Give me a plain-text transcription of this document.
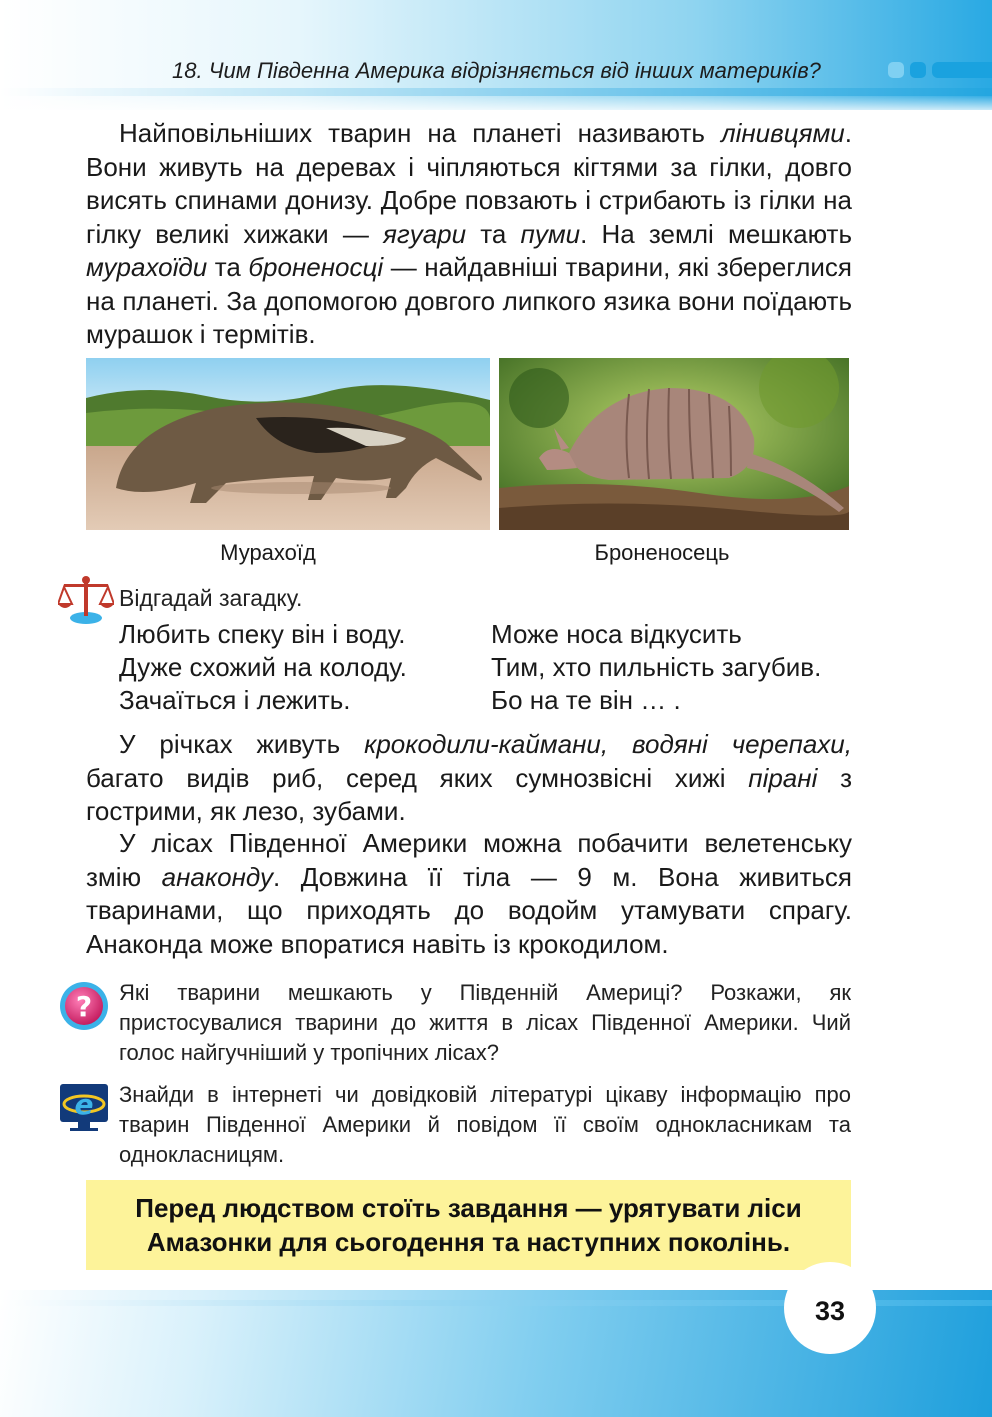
18. Чим Південна Америка відрізняється від інших материків?

Найповільніших тварин на планеті називають лінивцями. Вони живуть на деревах і чіпляються кігтями за гілки, довго висять спинами донизу. Добре повзають і стрибають із гілки на гілку великі хижаки — ягуари та пуми. На землі мешкають мурахоїди та броненосці — найдавніші тварини, які збереглися на планеті. За допомогою довгого липкого язика вони поїдають мурашок і термітів.

Мурахоїд	Броненосець
Відгадай загадку.
Любить спеку він і воду.
Дуже схожий на колоду.
Зачаїться і лежить.
Може носа відкусить
Тим, хто пильність загубив.
Бо на те він … .

У річках живуть крокодили-каймани, водяні черепахи, багато видів риб, серед яких сумнозвісні хижі пірані з гострими, як лезо, зубами.

У лісах Південної Америки можна побачити велетенську змію анаконду. Довжина її тіла — 9 м. Вона живиться тваринами, що приходять до водойм утамувати спрагу. Анаконда може впоратися навіть із крокодилом.

? Які тварини мешкають у Південній Америці? Розкажи, як пристосувалися тварини до життя в лісах Південної Америки. Чий голос найгучніший у тропічних лісах?

e Знайди в інтернеті чи довідковій літературі цікаву інформацію про тварин Південної Америки й повідом її своїм однокласникам та однокласницям.

Перед людством стоїть завдання — урятувати ліси
Амазонки для сьогодення та наступних поколінь.
33
